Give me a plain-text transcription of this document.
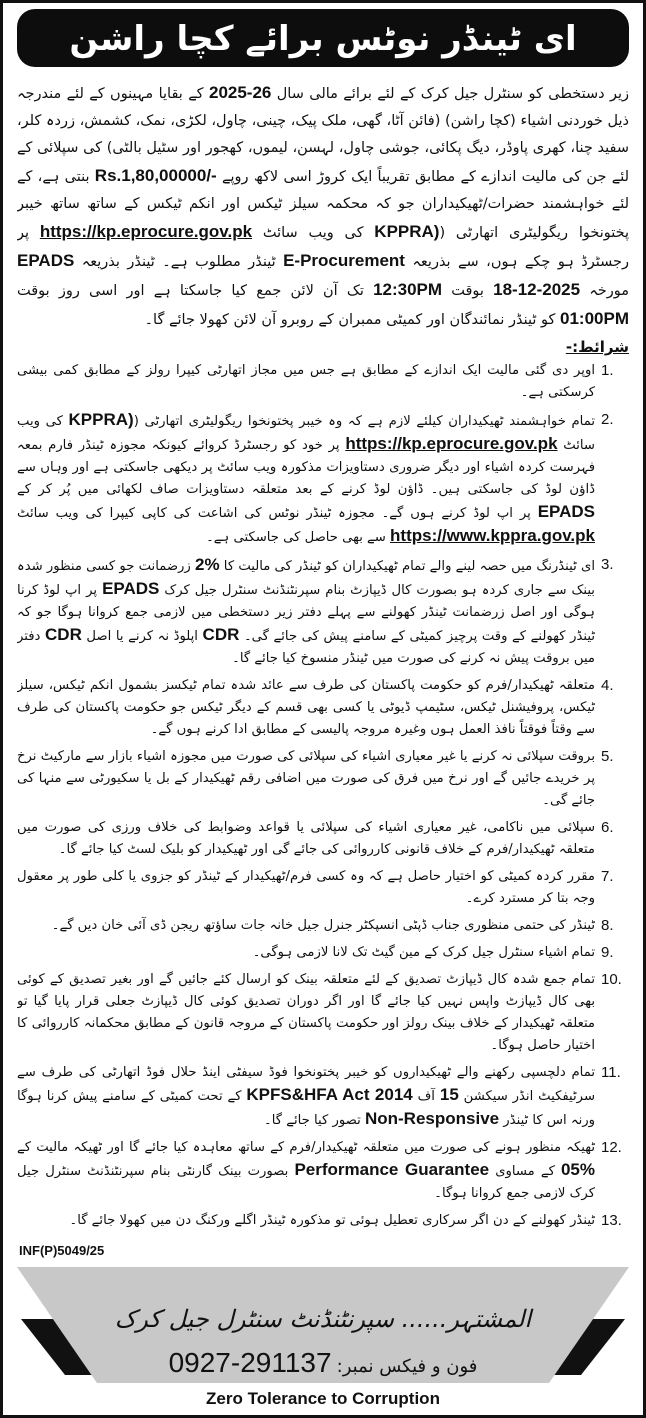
ای ٹینڈر نوٹس برائے کچا راشن

زیر دستخطی کو سنٹرل جیل کرک کے لئے برائے مالی سال 2025-26 کے بقایا مہینوں کے لئے مندرجہ ذیل خوردنی اشیاء (کچا راشن) (فائن آٹا، گھی، ملک پیک، چینی، چاول، لکڑی، نمک، کشمش، زردہ کلر، سفید چنا، کھری پاوڈر، دیگ پکائی، جوشی چاول، لہسن، لیموں، کھجور اور سٹیل بالٹی) کی سپلائی کے لئے جن کی مالیت اندازے کے مطابق تقریباً ایک کروڑ اسی لاکھ روپے Rs.1,80,00000/- بنتی ہے، کے لئے خواہشمند حضرات/ٹھیکیداران جو کہ محکمہ سیلز ٹیکس اور انکم ٹیکس کے ساتھ ساتھ خیبر پختونخوا ریگولیٹری اتھارٹی (KPPRA) کی ویب سائٹ https://kp.eprocure.gov.pk پر رجسٹرڈ ہو چکے ہوں، سے بذریعہ E-Procurement ٹینڈر مطلوب ہے۔ ٹینڈر بذریعہ EPADS مورخہ 18-12-2025 بوقت 12:30PM تک آن لائن جمع کیا جاسکتا ہے اور اسی روز بوقت 01:00PM کو ٹینڈر نمائندگان اور کمیٹی ممبران کے روبرو آن لائن کھولا جائے گا۔

شرائط:-
1.
اوپر دی گئی مالیت ایک اندازے کے مطابق ہے جس میں مجاز اتھارٹی کیپرا رولز کے مطابق کمی بیشی کرسکتی ہے۔
2.
تمام خواہشمند ٹھیکیداران کیلئے لازم ہے کہ وہ خیبر پختونخوا ریگولیٹری اتھارٹی (KPPRA) کی ویب سائٹ https://kp.eprocure.gov.pk پر خود کو رجسٹرڈ کروائے کیونکہ مجوزہ ٹینڈر فارم بمعہ فہرست کردہ اشیاء اور دیگر ضروری دستاویزات مذکورہ ویب سائٹ پر دیکھی جاسکتی ہے اور وہاں سے ڈاؤن لوڈ کی جاسکتی ہیں۔ ڈاؤن لوڈ کرنے کے بعد متعلقہ دستاویزات صاف لکھائی میں پُر کر کے EPADS پر اپ لوڈ کرنے ہوں گے۔ مجوزہ ٹینڈر نوٹس کی اشاعت کی کاپی کیپرا کی ویب سائٹ https://www.kppra.gov.pk سے بھی حاصل کی جاسکتی ہے۔
3.
ای ٹینڈرنگ میں حصہ لینے والے تمام ٹھیکیداران کو ٹینڈر کی مالیت کا 2% زرضمانت جو کسی منظور شدہ بینک سے جاری کردہ ہو بصورت کال ڈیپازٹ بنام سپرنٹنڈنٹ سنٹرل جیل کرک EPADS پر اپ لوڈ کرنا ہوگی اور اصل زرضمانت ٹینڈر کھولنے سے پہلے دفتر زیر دستخطی میں لازمی جمع کروانا ہوگا جو کہ ٹینڈر کھولنے کے وقت پرچیز کمیٹی کے سامنے پیش کی جائے گی۔ CDR اپلوڈ نہ کرنے یا اصل CDR دفتر میں بروقت پیش نہ کرنے کی صورت میں ٹینڈر منسوخ کیا جائے گا۔
4.
متعلقہ ٹھیکیدار/فرم کو حکومت پاکستان کی طرف سے عائد شدہ تمام ٹیکسز بشمول انکم ٹیکس، سیلز ٹیکس، پروفیشنل ٹیکس، سٹیمپ ڈیوٹی یا کسی بھی قسم کے دیگر ٹیکس جو حکومت پاکستان کی طرف سے وقتاً فوقتاً نافذ العمل ہوں وغیرہ مروجہ پالیسی کے مطابق ادا کرنے ہوں گے۔
5.
بروقت سپلائی نہ کرنے یا غیر معیاری اشیاء کی سپلائی کی صورت میں مجوزہ اشیاء بازار سے مارکیٹ نرخ پر خریدے جائیں گے اور نرخ میں فرق کی صورت میں اضافی رقم ٹھیکیدار کے بل یا سکیورٹی سے منہا کی جائے گی۔
6.
سپلائی میں ناکامی، غیر معیاری اشیاء کی سپلائی یا قواعد وضوابط کی خلاف ورزی کی صورت میں متعلقہ ٹھیکیدار/فرم کے خلاف قانونی کارروائی کی جائے گی اور ٹھیکیدار کو بلیک لسٹ کیا جائے گا۔
7.
مقرر کردہ کمیٹی کو اختیار حاصل ہے کہ وہ کسی فرم/ٹھیکیدار کے ٹینڈر کو جزوی یا کلی طور پر معقول وجہ بتا کر مسترد کرے۔
8.
ٹینڈر کی حتمی منظوری جناب ڈپٹی انسپکٹر جنرل جیل خانہ جات ساؤتھ ریجن ڈی آئی خان دیں گے۔
9.
تمام اشیاء سنٹرل جیل کرک کے مین گیٹ تک لانا لازمی ہوگی۔
10.
تمام جمع شدہ کال ڈیپازٹ تصدیق کے لئے متعلقہ بینک کو ارسال کئے جائیں گے اور بغیر تصدیق کے کوئی بھی کال ڈیپازٹ واپس نہیں کیا جائے گا اور اگر دوران تصدیق کوئی کال ڈیپازٹ جعلی قرار پایا گیا تو متعلقہ ٹھیکیدار کے خلاف بینک رولز اور حکومت پاکستان کے مروجہ قانون کے مطابق محکمانہ کارروائی کا اختیار حاصل ہوگا۔
11.
تمام دلچسپی رکھنے والے ٹھیکیداروں کو خیبر پختونخوا فوڈ سیفٹی اینڈ حلال فوڈ اتھارٹی کی طرف سے سرٹیفکیٹ انڈر سیکشن 15 آف KPFS&HFA Act 2014 کے تحت کمیٹی کے سامنے پیش کرنا ہوگا ورنہ اس کا ٹینڈر Non-Responsive تصور کیا جائے گا۔
12.
ٹھیکہ منظور ہونے کی صورت میں متعلقہ ٹھیکیدار/فرم کے ساتھ معاہدہ کیا جائے گا اور ٹھیکہ مالیت کے 05% کے مساوی Performance Guarantee بصورت بینک گارنٹی بنام سپرنٹنڈنٹ سنٹرل جیل کرک لازمی جمع کروانا ہوگا۔
13.
ٹینڈر کھولنے کے دن اگر سرکاری تعطیل ہوئی تو مذکورہ ٹینڈر اگلے ورکنگ دن میں کھولا جائے گا۔
INF(P)5049/25
المشتہر...... سپرنٹنڈنٹ سنٹرل جیل کرک
فون و فیکس نمبر: 0927-291137
Zero Tolerance to Corruption
